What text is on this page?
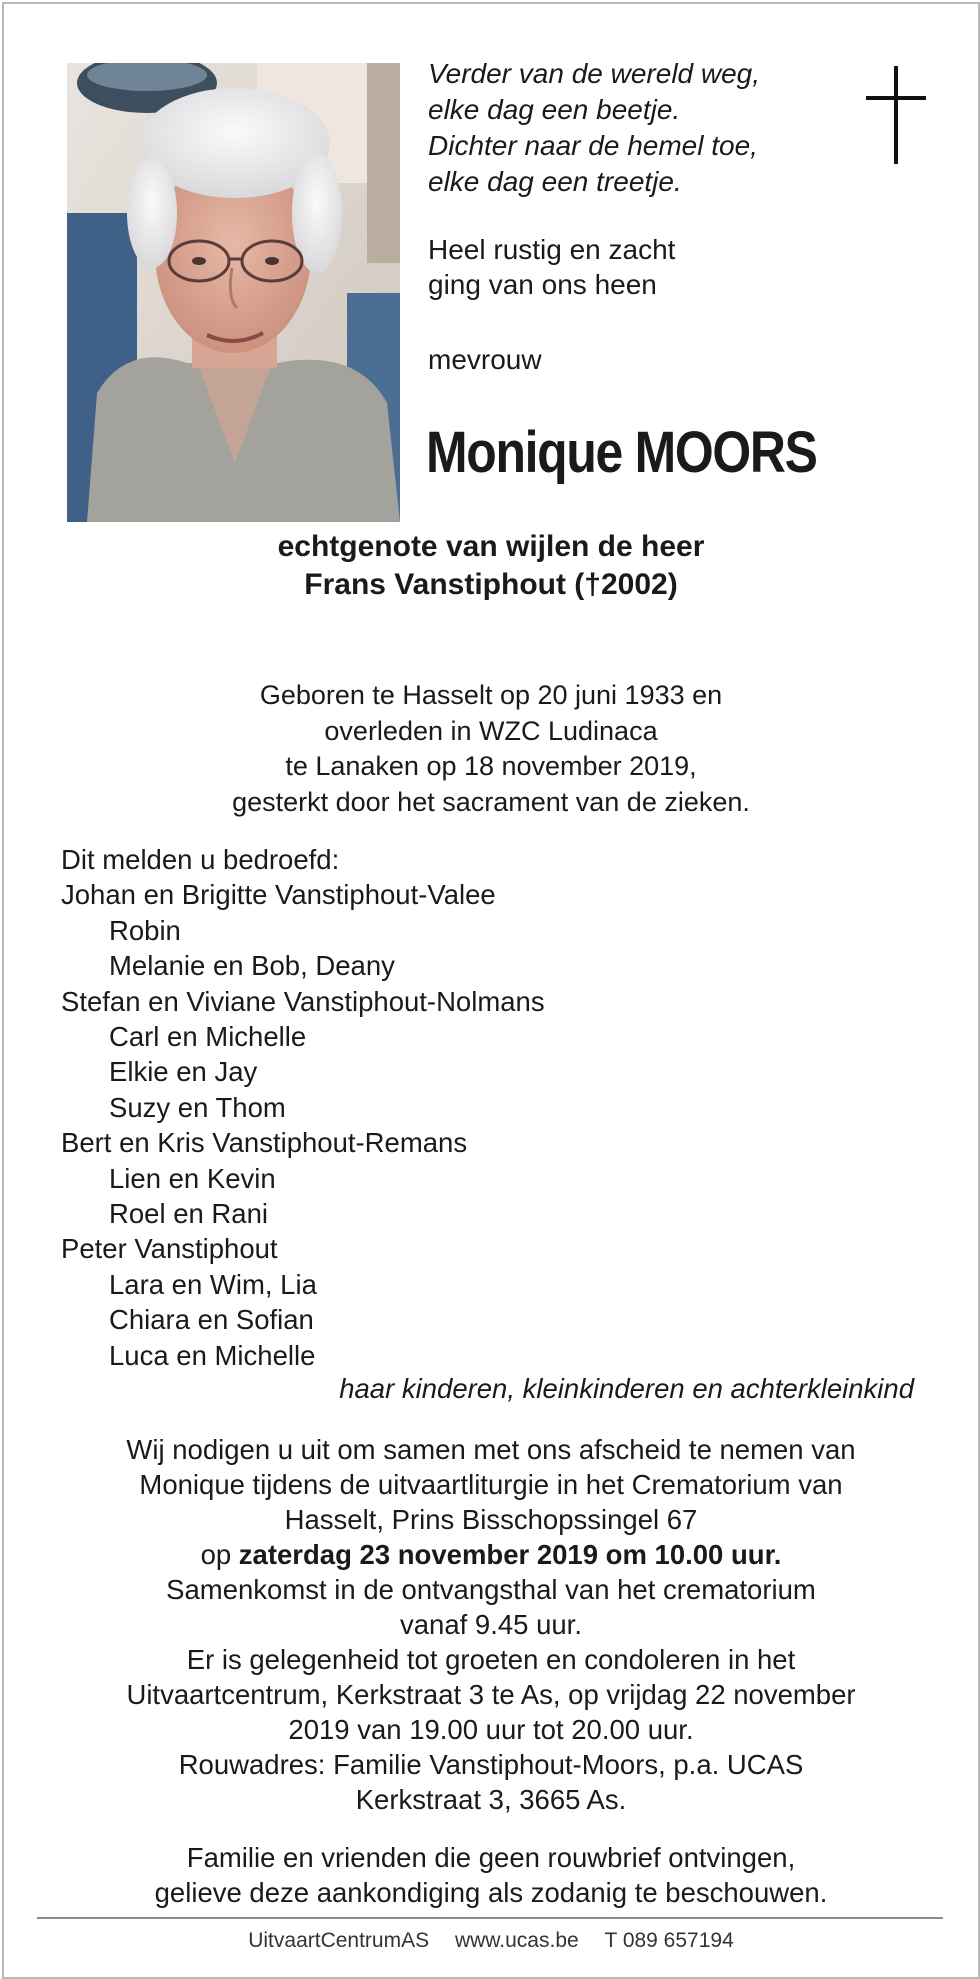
Verder van de wereld weg,
elke dag een beetje.
Dichter naar de hemel toe,
elke dag een treetje.
Heel rustig en zacht
ging van ons heen
mevrouw
Monique MOORS
echtgenote van wijlen de heer
Frans Vanstiphout (†2002)
Geboren te Hasselt op 20 juni 1933 en
overleden in WZC Ludinaca
te Lanaken op 18 november 2019,
gesterkt door het sacrament van de zieken.
Dit melden u bedroefd:
Johan en Brigitte Vanstiphout-Valee
Robin
Melanie en Bob, Deany
Stefan en Viviane Vanstiphout-Nolmans
Carl en Michelle
Elkie en Jay
Suzy en Thom
Bert en Kris Vanstiphout-Remans
Lien en Kevin
Roel en Rani
Peter Vanstiphout
Lara en Wim, Lia
Chiara en Sofian
Luca en Michelle
haar kinderen, kleinkinderen en achterkleinkind
Wij nodigen u uit om samen met ons afscheid te nemen van
Monique tijdens de uitvaartliturgie in het Crematorium van
Hasselt, Prins Bisschopssingel 67
op zaterdag 23 november 2019 om 10.00 uur.
Samenkomst in de ontvangsthal van het crematorium
vanaf 9.45 uur.
Er is gelegenheid tot groeten en condoleren in het
Uitvaartcentrum, Kerkstraat 3 te As, op vrijdag 22 november
2019 van 19.00 uur tot 20.00 uur.
Rouwadres: Familie Vanstiphout-Moors, p.a. UCAS
Kerkstraat 3, 3665 As.
Familie en vrienden die geen rouwbrief ontvingen,
gelieve deze aankondiging als zodanig te beschouwen.
UitvaartCentrumAS www.ucas.be T 089 657194
